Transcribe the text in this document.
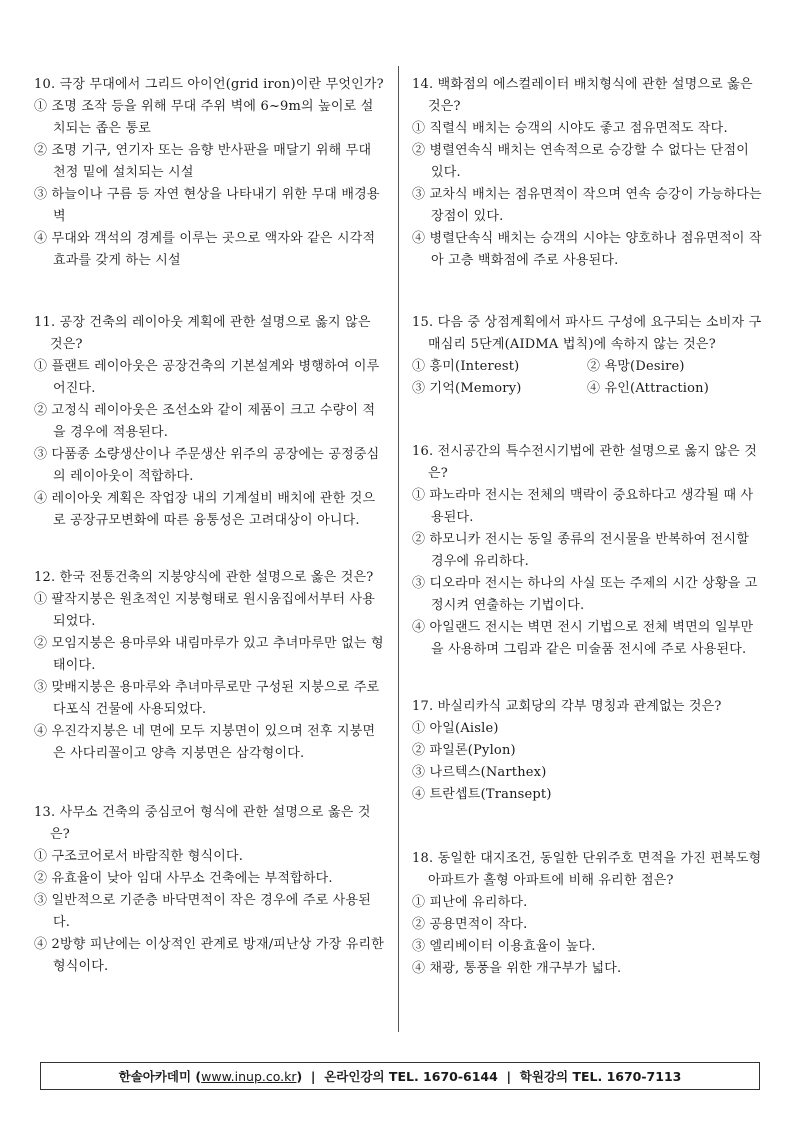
10. 극장 무대에서 그리드 아이언(grid iron)이란 무엇인가?
① 조명 조작 등을 위해 무대 주위 벽에 6~9m의 높이로 설치되는 좁은 통로
② 조명 기구, 연기자 또는 음향 반사판을 매달기 위해 무대 천정 밑에 설치되는 시설
③ 하늘이나 구름 등 자연 현상을 나타내기 위한 무대 배경용 벽
④ 무대와 객석의 경계를 이루는 곳으로 액자와 같은 시각적 효과를 갖게 하는 시설
11. 공장 건축의 레이아웃 계획에 관한 설명으로 옳지 않은 것은?
① 플랜트 레이아웃은 공장건축의 기본설계와 병행하여 이루어진다.
② 고정식 레이아웃은 조선소와 같이 제품이 크고 수량이 적을 경우에 적용된다.
③ 다품종 소량생산이나 주문생산 위주의 공장에는 공정중심의 레이아웃이 적합하다.
④ 레이아웃 계획은 작업장 내의 기계설비 배치에 관한 것으로 공장규모변화에 따른 융통성은 고려대상이 아니다.
12. 한국 전통건축의 지붕양식에 관한 설명으로 옳은 것은?
① 팔작지붕은 원초적인 지붕형태로 원시움집에서부터 사용되었다.
② 모임지붕은 용마루와 내림마루가 있고 추녀마루만 없는 형태이다.
③ 맞배지붕은 용마루와 추녀마루로만 구성된 지붕으로 주로 다포식 건물에 사용되었다.
④ 우진각지붕은 네 면에 모두 지붕면이 있으며 전후 지붕면은 사다리꼴이고 양측 지붕면은 삼각형이다.
13. 사무소 건축의 중심코어 형식에 관한 설명으로 옳은 것은?
① 구조코어로서 바람직한 형식이다.
② 유효율이 낮아 임대 사무소 건축에는 부적합하다.
③ 일반적으로 기준층 바닥면적이 작은 경우에 주로 사용된다.
④ 2방향 피난에는 이상적인 관계로 방재/피난상 가장 유리한 형식이다.
14. 백화점의 에스컬레이터 배치형식에 관한 설명으로 옳은 것은?
① 직렬식 배치는 승객의 시야도 좋고 점유면적도 작다.
② 병렬연속식 배치는 연속적으로 승강할 수 없다는 단점이 있다.
③ 교차식 배치는 점유면적이 작으며 연속 승강이 가능하다는 장점이 있다.
④ 병렬단속식 배치는 승객의 시야는 양호하나 점유면적이 작아 고층 백화점에 주로 사용된다.
15. 다음 중 상점계획에서 파사드 구성에 요구되는 소비자 구매심리 5단계(AIDMA 법칙)에 속하지 않는 것은?
① 흥미(Interest)	② 욕망(Desire)
③ 기억(Memory)	④ 유인(Attraction)
16. 전시공간의 특수전시기법에 관한 설명으로 옳지 않은 것은?
① 파노라마 전시는 전체의 맥락이 중요하다고 생각될 때 사용된다.
② 하모니카 전시는 동일 종류의 전시물을 반복하여 전시할 경우에 유리하다.
③ 디오라마 전시는 하나의 사실 또는 주제의 시간 상황을 고정시켜 연출하는 기법이다.
④ 아일랜드 전시는 벽면 전시 기법으로 전체 벽면의 일부만을 사용하며 그림과 같은 미술품 전시에 주로 사용된다.
17. 바실리카식 교회당의 각부 명칭과 관계없는 것은?
① 아일(Aisle)
② 파일론(Pylon)
③ 나르텍스(Narthex)
④ 트란셉트(Transept)
18. 동일한 대지조건, 동일한 단위주호 면적을 가진 편복도형 아파트가 홀형 아파트에 비해 유리한 점은?
① 피난에 유리하다.
② 공용면적이 작다.
③ 엘리베이터 이용효율이 높다.
④ 채광, 통풍을 위한 개구부가 넓다.
한솔아카데미 ( www.inup.co.kr )  |  온라인강의 TEL. 1670-6144  |  학원강의 TEL. 1670-7113
